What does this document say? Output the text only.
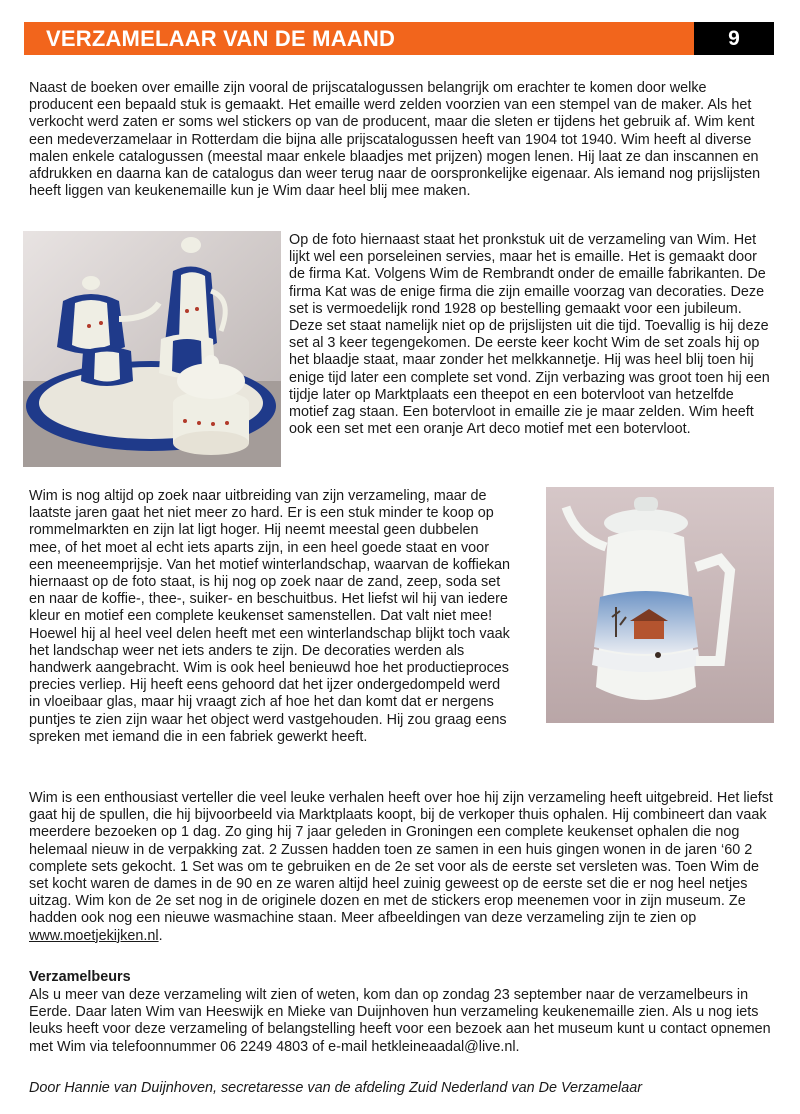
VERZAMELAAR VAN DE MAAND	9

Naast de boeken over emaille zijn vooral de prijscatalogussen belangrijk om erachter te komen door welke producent een bepaald stuk is gemaakt. Het emaille werd zelden voorzien van een stempel van de maker. Als het verkocht werd zaten er soms wel stickers op van de producent, maar die sleten er tijdens het gebruik af. Wim kent een medeverzamelaar in Rotterdam die bijna alle prijscatalogussen heeft van 1904 tot 1940. Wim heeft al diverse malen enkele catalogussen (meestal maar enkele blaadjes met prijzen) mogen lenen. Hij laat ze dan inscannen en afdrukken en daarna kan de catalogus dan weer terug naar de oorspronkelijke eigenaar. Als iemand nog prijslijsten heeft liggen van keukenemaille kun je Wim daar heel blij mee maken.

Op de foto hiernaast staat het pronkstuk uit de verzameling van Wim. Het lijkt wel een porseleinen servies, maar het is emaille. Het is gemaakt door de firma Kat. Volgens Wim de Rembrandt onder de emaille fabrikanten. De firma Kat was de enige firma die zijn emaille voorzag van decoraties. Deze set is vermoedelijk rond 1928 op bestelling gemaakt voor een jubileum. Deze set staat namelijk niet op de prijslijsten uit die tijd. Toevallig is hij deze set al 3 keer tegengekomen. De eerste keer kocht Wim de set zoals hij op het blaadje staat, maar zonder het melkkannetje. Hij was heel blij toen hij enige tijd later een complete set vond. Zijn verbazing was groot toen hij een tijdje later op Marktplaats een theepot en een botervloot van hetzelfde motief zag staan. Een botervloot in emaille zie je maar zelden. Wim heeft ook een set met een oranje Art deco motief met een botervloot.

Wim is nog altijd op zoek naar uitbreiding van zijn verzameling, maar de laatste jaren gaat het niet meer zo hard. Er is een stuk minder te koop op rommelmarkten en zijn lat ligt hoger. Hij neemt meestal geen dubbelen mee, of het moet al echt iets aparts zijn, in een heel goede staat en voor een meeneemprijsje. Van het motief winterlandschap, waarvan de koffiekan hiernaast op de foto staat, is hij nog op zoek naar de zand, zeep, soda set en naar de koffie-, thee-, suiker- en beschuitbus. Het liefst wil hij van iedere kleur en motief een complete keukenset samenstellen. Dat valt niet mee! Hoewel hij al heel veel delen heeft met een winterlandschap blijkt toch vaak het landschap weer net iets anders te zijn. De decoraties werden als handwerk aangebracht. Wim is ook heel benieuwd hoe het productieproces precies verliep. Hij heeft eens gehoord dat het ijzer ondergedompeld werd in vloeibaar glas, maar hij vraagt zich af hoe het dan komt dat er nergens puntjes te zien zijn waar het object werd vastgehouden. Hij zou graag eens spreken met iemand die in een fabriek gewerkt heeft.

Wim is een enthousiast verteller die veel leuke verhalen heeft over hoe hij zijn verzameling heeft uitgebreid. Het liefst gaat hij de spullen, die hij bijvoorbeeld via Marktplaats koopt, bij de verkoper thuis ophalen. Hij combineert dan vaak meerdere bezoeken op 1 dag. Zo ging hij 7 jaar geleden in Groningen een complete keukenset ophalen die nog helemaal nieuw in de verpakking zat. 2 Zussen hadden toen ze samen in een huis gingen wonen in de jaren ‘60 2 complete sets gekocht. 1 Set was om te gebruiken en de 2e set voor als de eerste set versleten was. Toen Wim de set kocht waren de dames in de 90 en ze waren altijd heel zuinig geweest op de eerste set die er nog heel netjes uitzag. Wim kon de 2e set nog in de originele dozen en met de stickers erop meenemen voor in zijn museum. Ze hadden ook nog een nieuwe wasmachine staan. Meer afbeeldingen van deze verzameling zijn te zien op www.moetjekijken.nl.

Verzamelbeurs

Als u meer van deze verzameling wilt zien of weten, kom dan op zondag 23 september naar de verzamelbeurs in Eerde. Daar laten Wim van Heeswijk en Mieke van Duijnhoven hun verzameling keukenemaille zien. Als u nog iets leuks heeft voor deze verzameling of belangstelling heeft voor een bezoek aan het museum kunt u contact opnemen met Wim via telefoonnummer 06 2249 4803 of e-mail hetkleineaadal@live.nl.

Door Hannie van Duijnhoven, secretaresse van de afdeling Zuid Nederland van De Verzamelaar
